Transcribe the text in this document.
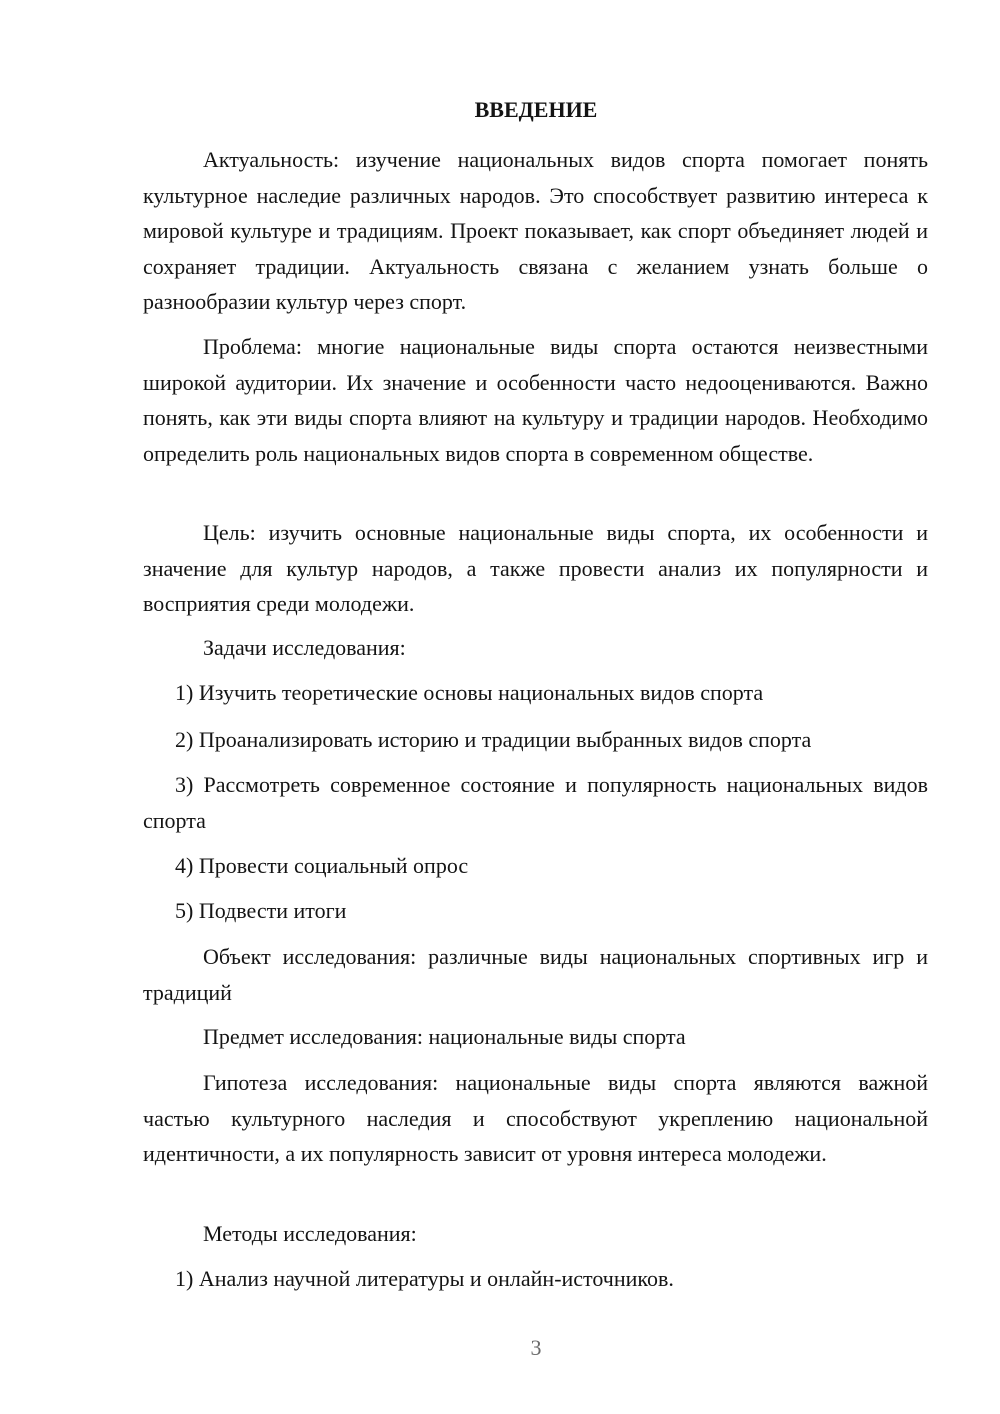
ВВЕДЕНИЕ

Актуальность: изучение национальных видов спорта помогает понять культурное наследие различных народов. Это способствует развитию интереса к мировой культуре и традициям. Проект показывает, как спорт объединяет людей и сохраняет традиции. Актуальность связана с желанием узнать больше о разнообразии культур через спорт.

Проблема: многие национальные виды спорта остаются неизвестными широкой аудитории. Их значение и особенности часто недооцениваются. Важно понять, как эти виды спорта влияют на культуру и традиции народов. Необходимо определить роль национальных видов спорта в современном обществе.

Цель: изучить основные национальные виды спорта, их особенности и значение для культур народов, а также провести анализ их популярности и восприятия среди молодежи.

Задачи исследования:

1) Изучить теоретические основы национальных видов спорта

2) Проанализировать историю и традиции выбранных видов спорта

3) Рассмотреть современное состояние и популярность национальных видов спорта

4) Провести социальный опрос

5) Подвести итоги

Объект исследования: различные виды национальных спортивных игр и традиций

Предмет исследования: национальные виды спорта

Гипотеза исследования: национальные виды спорта являются важной частью культурного наследия и способствуют укреплению национальной идентичности, а их популярность зависит от уровня интереса молодежи.

Методы исследования:

1) Анализ научной литературы и онлайн-источников.

3
